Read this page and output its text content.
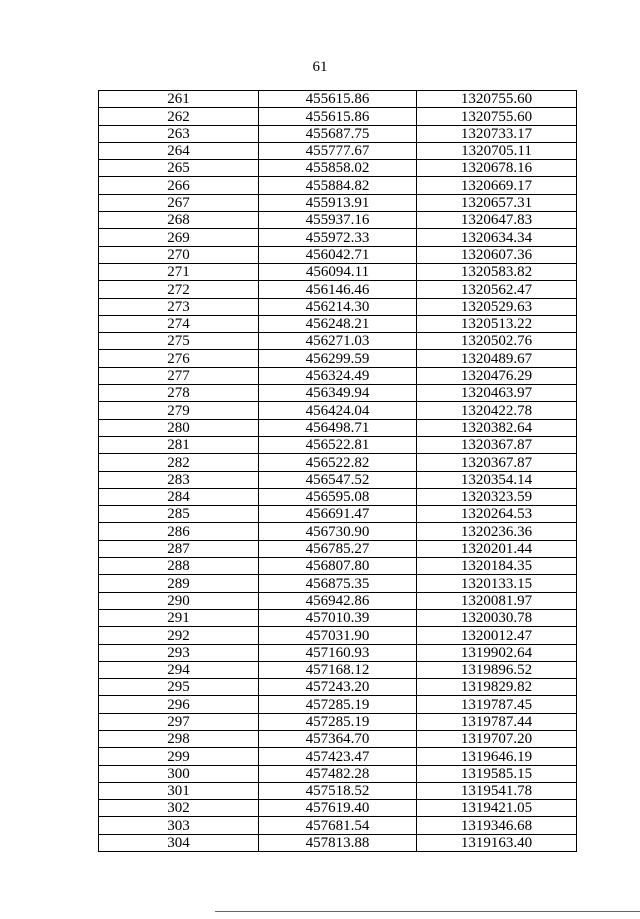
61
261	455615.86	1320755.60
262	455615.86	1320755.60
263	455687.75	1320733.17
264	455777.67	1320705.11
265	455858.02	1320678.16
266	455884.82	1320669.17
267	455913.91	1320657.31
268	455937.16	1320647.83
269	455972.33	1320634.34
270	456042.71	1320607.36
271	456094.11	1320583.82
272	456146.46	1320562.47
273	456214.30	1320529.63
274	456248.21	1320513.22
275	456271.03	1320502.76
276	456299.59	1320489.67
277	456324.49	1320476.29
278	456349.94	1320463.97
279	456424.04	1320422.78
280	456498.71	1320382.64
281	456522.81	1320367.87
282	456522.82	1320367.87
283	456547.52	1320354.14
284	456595.08	1320323.59
285	456691.47	1320264.53
286	456730.90	1320236.36
287	456785.27	1320201.44
288	456807.80	1320184.35
289	456875.35	1320133.15
290	456942.86	1320081.97
291	457010.39	1320030.78
292	457031.90	1320012.47
293	457160.93	1319902.64
294	457168.12	1319896.52
295	457243.20	1319829.82
296	457285.19	1319787.45
297	457285.19	1319787.44
298	457364.70	1319707.20
299	457423.47	1319646.19
300	457482.28	1319585.15
301	457518.52	1319541.78
302	457619.40	1319421.05
303	457681.54	1319346.68
304	457813.88	1319163.40
